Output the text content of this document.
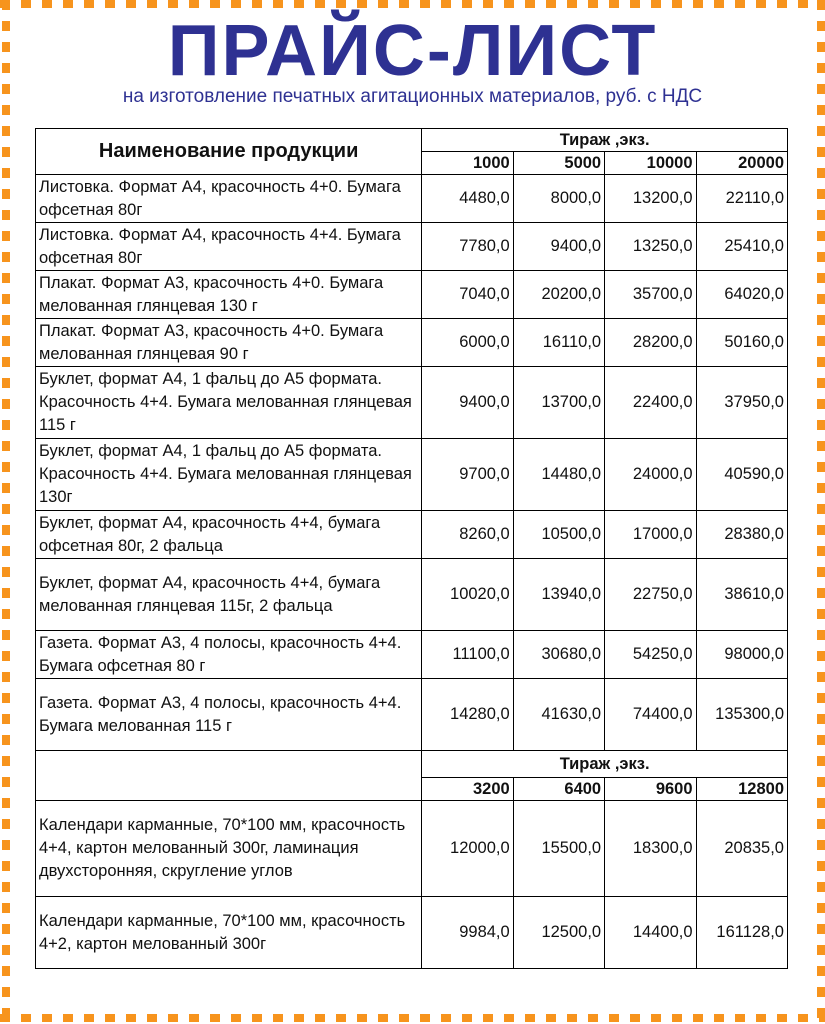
ПРАЙС-ЛИСТ
на изготовление печатных агитационных материалов, руб. с НДС
Наименование продукции	Тираж ,экз.			
	1000	5000	10000	20000
Листовка. Формат А4, красочность 4+0. Бумага офсетная 80г	4480,0	8000,0	13200,0	22110,0
Листовка. Формат А4, красочность 4+4. Бумага офсетная 80г	7780,0	9400,0	13250,0	25410,0
Плакат. Формат А3, красочность 4+0. Бумага мелованная глянцевая 130 г	7040,0	20200,0	35700,0	64020,0
Плакат. Формат А3, красочность 4+0. Бумага мелованная глянцевая 90 г	6000,0	16110,0	28200,0	50160,0
Буклет, формат А4, 1 фальц до А5 формата. Красочность 4+4. Бумага мелованная глянцевая 115 г	9400,0	13700,0	22400,0	37950,0
Буклет, формат А4, 1 фальц до А5 формата. Красочность 4+4. Бумага мелованная глянцевая 130г	9700,0	14480,0	24000,0	40590,0
Буклет, формат А4, красочность 4+4, бумага офсетная 80г, 2 фальца	8260,0	10500,0	17000,0	28380,0
Буклет, формат А4, красочность 4+4, бумага мелованная глянцевая 115г, 2 фальца	10020,0	13940,0	22750,0	38610,0
Газета. Формат А3, 4 полосы, красочность 4+4. Бумага офсетная 80 г	11100,0	30680,0	54250,0	98000,0
Газета. Формат А3, 4 полосы, красочность 4+4. Бумага мелованная 115 г	14280,0	41630,0	74400,0	135300,0
	Тираж ,экз.			
	3200	6400	9600	12800
Календари карманные, 70*100 мм, красочность 4+4, картон мелованный 300г, ламинация двухсторонняя, скругление углов	12000,0	15500,0	18300,0	20835,0
Календари карманные, 70*100 мм, красочность 4+2, картон мелованный 300г	9984,0	12500,0	14400,0	161128,0
